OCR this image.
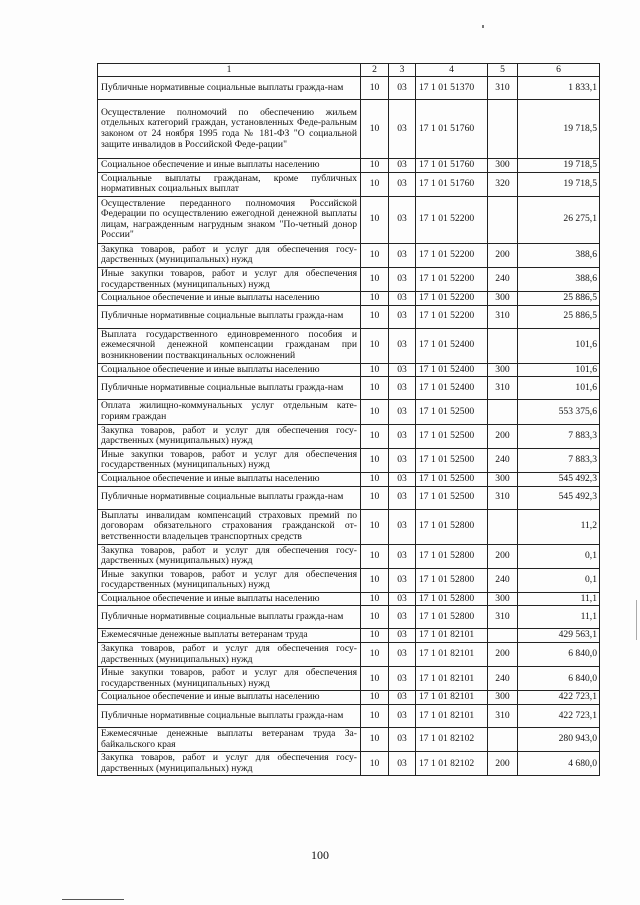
1	2	3	4	5	6
Публичные нормативные социальные выплаты гражда-нам	10	03	17 1 01 51370	310	1 833,1
Осуществление полномочий по обеспечению жильем отдельных категорий граждан, установленных Феде-ральным законом от 24 ноября 1995 года № 181-ФЗ "О социальной защите инвалидов в Российской Феде-рации"	10	03	17 1 01 51760		19 718,5
Социальное обеспечение и иные выплаты населению	10	03	17 1 01 51760	300	19 718,5
Социальные выплаты гражданам, кроме публичных нормативных социальных выплат	10	03	17 1 01 51760	320	19 718,5
Осуществление переданного полномочия Российской Федерации по осуществлению ежегодной денежной выплаты лицам, награжденным нагрудным знаком "По-четный донор России"	10	03	17 1 01 52200		26 275,1
Закупка товаров, работ и услуг для обеспечения госу-дарственных (муниципальных) нужд	10	03	17 1 01 52200	200	388,6
Иные закупки товаров, работ и услуг для обеспечения государственных (муниципальных) нужд	10	03	17 1 01 52200	240	388,6
Социальное обеспечение и иные выплаты населению	10	03	17 1 01 52200	300	25 886,5
Публичные нормативные социальные выплаты гражда-нам	10	03	17 1 01 52200	310	25 886,5
Выплата государственного единовременного пособия и ежемесячной денежной компенсации гражданам при возникновении поствакцинальных осложнений	10	03	17 1 01 52400		101,6
Социальное обеспечение и иные выплаты населению	10	03	17 1 01 52400	300	101,6
Публичные нормативные социальные выплаты гражда-нам	10	03	17 1 01 52400	310	101,6
Оплата жилищно-коммунальных услуг отдельным кате-гориям граждан	10	03	17 1 01 52500		553 375,6
Закупка товаров, работ и услуг для обеспечения госу-дарственных (муниципальных) нужд	10	03	17 1 01 52500	200	7 883,3
Иные закупки товаров, работ и услуг для обеспечения государственных (муниципальных) нужд	10	03	17 1 01 52500	240	7 883,3
Социальное обеспечение и иные выплаты населению	10	03	17 1 01 52500	300	545 492,3
Публичные нормативные социальные выплаты гражда-нам	10	03	17 1 01 52500	310	545 492,3
Выплаты инвалидам компенсаций страховых премий по договорам обязательного страхования гражданской от-ветственности владельцев транспортных средств	10	03	17 1 01 52800		11,2
Закупка товаров, работ и услуг для обеспечения госу-дарственных (муниципальных) нужд	10	03	17 1 01 52800	200	0,1
Иные закупки товаров, работ и услуг для обеспечения государственных (муниципальных) нужд	10	03	17 1 01 52800	240	0,1
Социальное обеспечение и иные выплаты населению	10	03	17 1 01 52800	300	11,1
Публичные нормативные социальные выплаты гражда-нам	10	03	17 1 01 52800	310	11,1
Ежемесячные денежные выплаты ветеранам труда	10	03	17 1 01 82101		429 563,1
Закупка товаров, работ и услуг для обеспечения госу-дарственных (муниципальных) нужд	10	03	17 1 01 82101	200	6 840,0
Иные закупки товаров, работ и услуг для обеспечения государственных (муниципальных) нужд	10	03	17 1 01 82101	240	6 840,0
Социальное обеспечение и иные выплаты населению	10	03	17 1 01 82101	300	422 723,1
Публичные нормативные социальные выплаты гражда-нам	10	03	17 1 01 82101	310	422 723,1
Ежемесячные денежные выплаты ветеранам труда За-байкальского края	10	03	17 1 01 82102		280 943,0
Закупка товаров, работ и услуг для обеспечения госу-дарственных (муниципальных) нужд	10	03	17 1 01 82102	200	4 680,0
100
